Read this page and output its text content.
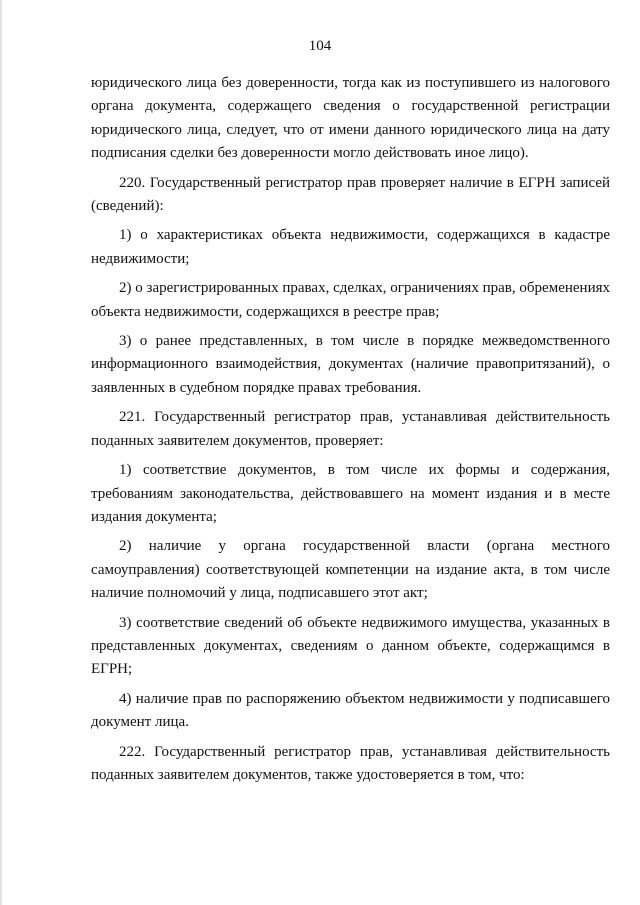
104

юридического лица без доверенности, тогда как из поступившего из налогового органа документа, содержащего сведения о государственной регистрации юридического лица, следует, что от имени данного юридического лица на дату подписания сделки без доверенности могло действовать иное лицо).

220. Государственный регистратор прав проверяет наличие в ЕГРН записей (сведений):

1) о характеристиках объекта недвижимости, содержащихся в кадастре недвижимости;

2) о зарегистрированных правах, сделках, ограничениях прав, обременениях объекта недвижимости, содержащихся в реестре прав;

3) о ранее представленных, в том числе в порядке межведомственного информационного взаимодействия, документах (наличие правопритязаний), о заявленных в судебном порядке правах требования.

221. Государственный регистратор прав, устанавливая действительность поданных заявителем документов, проверяет:

1) соответствие документов, в том числе их формы и содержания, требованиям законодательства, действовавшего на момент издания и в месте издания документа;

2) наличие у органа государственной власти (органа местного самоуправления) соответствующей компетенции на издание акта, в том числе наличие полномочий у лица, подписавшего этот акт;

3) соответствие сведений об объекте недвижимого имущества, указанных в представленных документах, сведениям о данном объекте, содержащимся в ЕГРН;

4) наличие прав по распоряжению объектом недвижимости у подписавшего документ лица.

222. Государственный регистратор прав, устанавливая действительность поданных заявителем документов, также удостоверяется в том, что:
